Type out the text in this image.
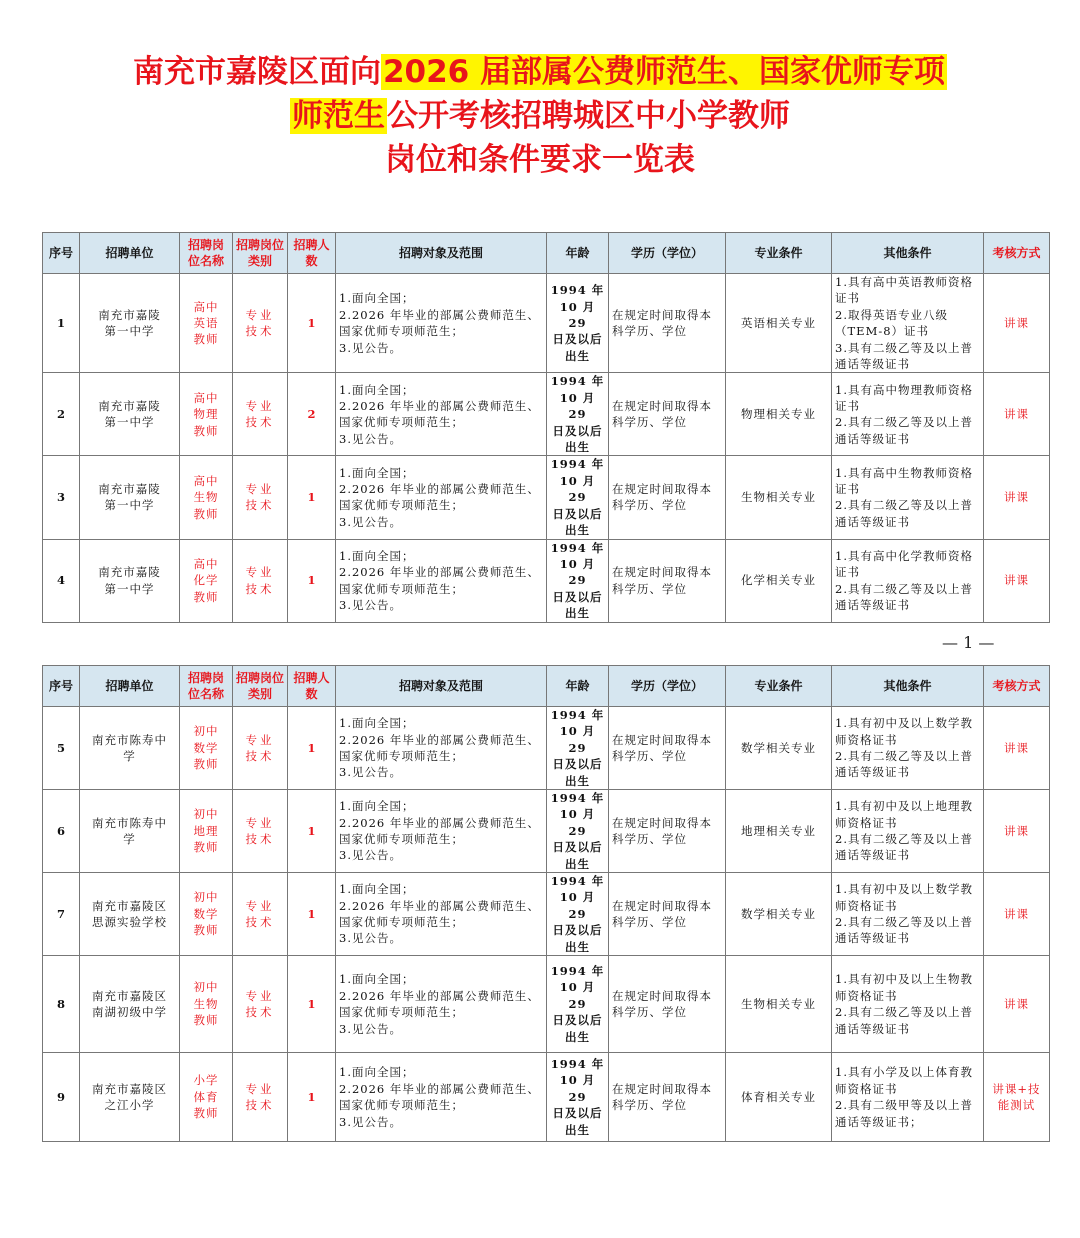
南充市嘉陵区面向2026 届部属公费师范生、国家优师专项
师范生公开考核招聘城区中小学教师
岗位和条件要求一览表
序号	招聘单位	招聘岗位名称	招聘岗位类别	招聘人数	招聘对象及范围	年龄	学历（学位）	专业条件	其他条件	考核方式
1	南充市嘉陵
第一中学	高中
英语
教师	专业
技术	1	1.面向全国；
2.2026 年毕业的部属公费师范生、国家优师专项师范生；
3.见公告。	1994 年
10 月 29
日及以后
出生	在规定时间取得本科学历、学位	英语相关专业	1.具有高中英语教师资格证书
2.取得英语专业八级（TEM-8）证书
3.具有二级乙等及以上普通话等级证书	讲课
2	南充市嘉陵
第一中学	高中
物理
教师	专业
技术	2	1.面向全国；
2.2026 年毕业的部属公费师范生、国家优师专项师范生；
3.见公告。	1994 年
10 月 29
日及以后
出生	在规定时间取得本科学历、学位	物理相关专业	1.具有高中物理教师资格证书
2.具有二级乙等及以上普通话等级证书	讲课
3	南充市嘉陵
第一中学	高中
生物
教师	专业
技术	1	1.面向全国；
2.2026 年毕业的部属公费师范生、国家优师专项师范生；
3.见公告。	1994 年
10 月 29
日及以后
出生	在规定时间取得本科学历、学位	生物相关专业	1.具有高中生物教师资格证书
2.具有二级乙等及以上普通话等级证书	讲课
4	南充市嘉陵
第一中学	高中
化学
教师	专业
技术	1	1.面向全国；
2.2026 年毕业的部属公费师范生、国家优师专项师范生；
3.见公告。	1994 年
10 月 29
日及以后
出生	在规定时间取得本科学历、学位	化学相关专业	1.具有高中化学教师资格证书
2.具有二级乙等及以上普通话等级证书	讲课
— 1 —
序号	招聘单位	招聘岗位名称	招聘岗位类别	招聘人数	招聘对象及范围	年龄	学历（学位）	专业条件	其他条件	考核方式
5	南充市陈寿中
学	初中
数学
教师	专业
技术	1	1.面向全国；
2.2026 年毕业的部属公费师范生、国家优师专项师范生；
3.见公告。	1994 年
10 月 29
日及以后
出生	在规定时间取得本科学历、学位	数学相关专业	1.具有初中及以上数学教师资格证书
2.具有二级乙等及以上普通话等级证书	讲课
6	南充市陈寿中
学	初中
地理
教师	专业
技术	1	1.面向全国；
2.2026 年毕业的部属公费师范生、国家优师专项师范生；
3.见公告。	1994 年
10 月 29
日及以后
出生	在规定时间取得本科学历、学位	地理相关专业	1.具有初中及以上地理教师资格证书
2.具有二级乙等及以上普通话等级证书	讲课
7	南充市嘉陵区
思源实验学校	初中
数学
教师	专业
技术	1	1.面向全国；
2.2026 年毕业的部属公费师范生、国家优师专项师范生；
3.见公告。	1994 年
10 月 29
日及以后
出生	在规定时间取得本科学历、学位	数学相关专业	1.具有初中及以上数学教师资格证书
2.具有二级乙等及以上普通话等级证书	讲课
8	南充市嘉陵区
南湖初级中学	初中
生物
教师	专业
技术	1	1.面向全国；
2.2026 年毕业的部属公费师范生、国家优师专项师范生；
3.见公告。	1994 年
10 月 29
日及以后
出生	在规定时间取得本科学历、学位	生物相关专业	1.具有初中及以上生物教师资格证书
2.具有二级乙等及以上普通话等级证书	讲课
9	南充市嘉陵区
之江小学	小学
体育
教师	专业
技术	1	1.面向全国；
2.2026 年毕业的部属公费师范生、国家优师专项师范生；
3.见公告。	1994 年
10 月 29
日及以后
出生	在规定时间取得本科学历、学位	体育相关专业	1.具有小学及以上体育教师资格证书
2.具有二级甲等及以上普通话等级证书；	讲课+技能测试
